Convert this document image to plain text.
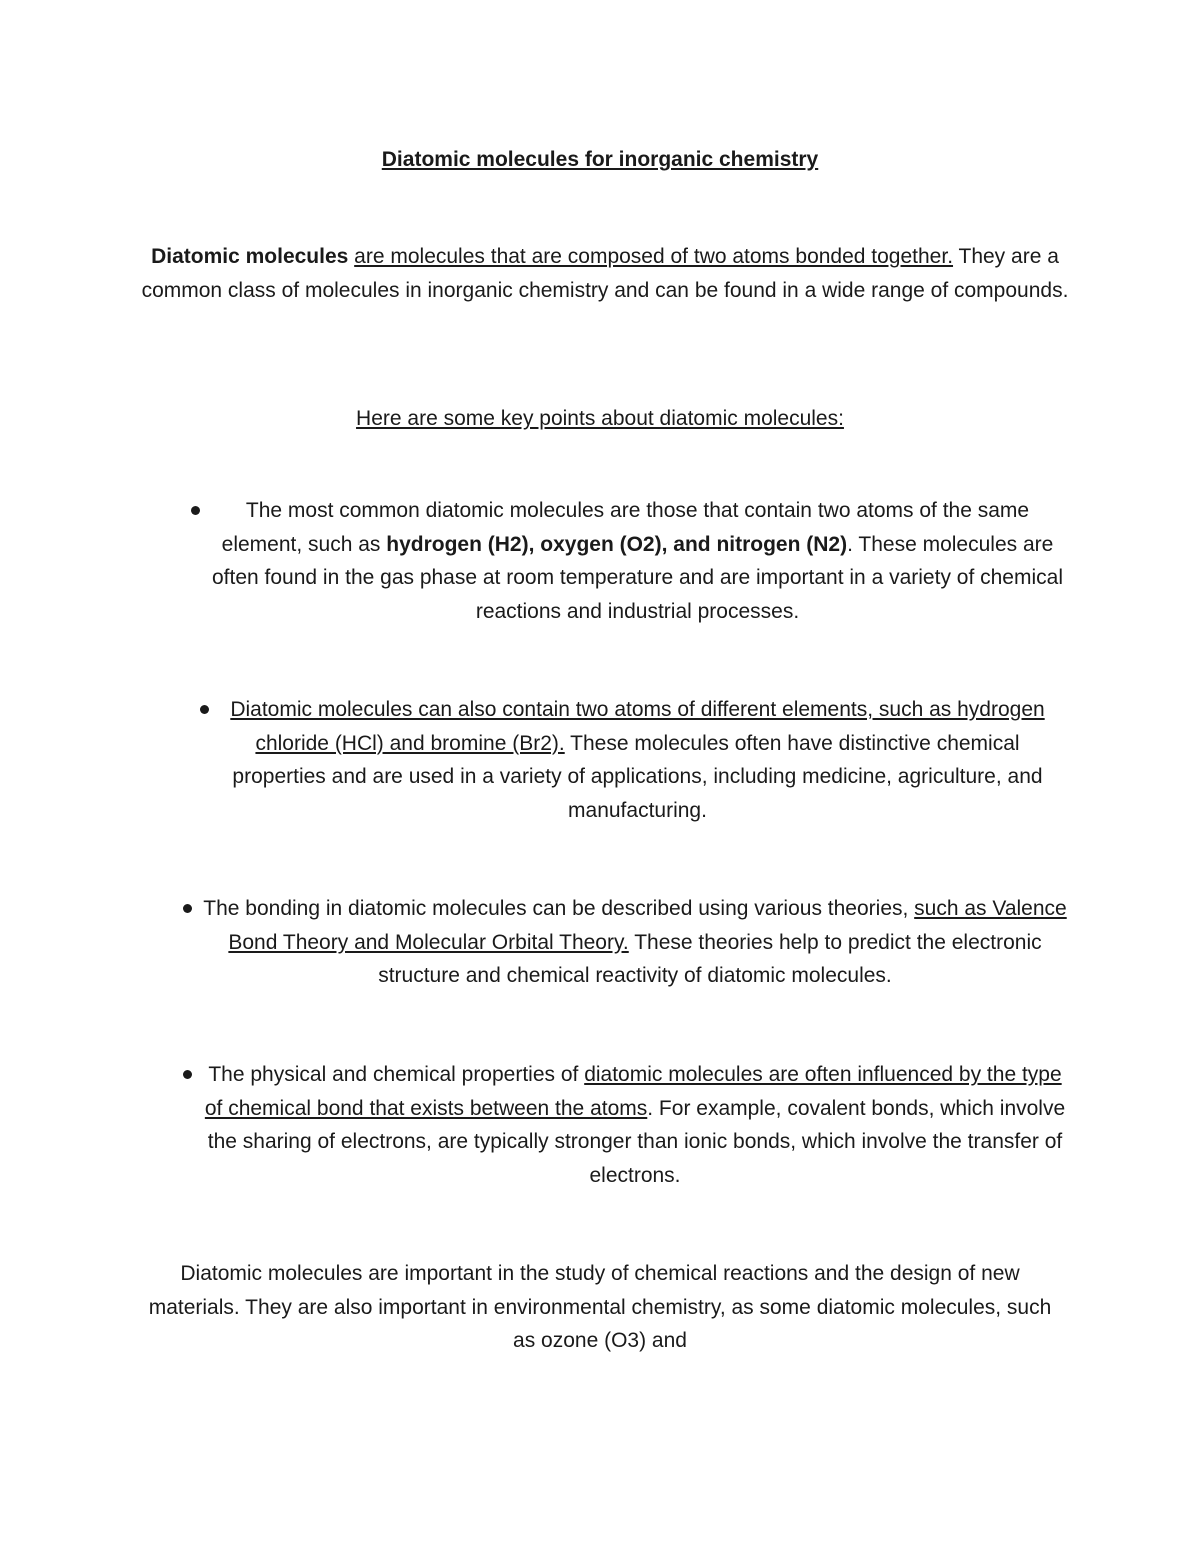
Diatomic molecules for inorganic chemistry
Diatomic molecules are molecules that are composed of two atoms bonded together. They are a common class of molecules in inorganic chemistry and can be found in a wide range of compounds.
Here are some key points about diatomic molecules:
The most common diatomic molecules are those that contain two atoms of the same element, such as hydrogen (H2), oxygen (O2), and nitrogen (N2). These molecules are often found in the gas phase at room temperature and are important in a variety of chemical reactions and industrial processes.
Diatomic molecules can also contain two atoms of different elements, such as hydrogen chloride (HCl) and bromine (Br2). These molecules often have distinctive chemical properties and are used in a variety of applications, including medicine, agriculture, and manufacturing.
The bonding in diatomic molecules can be described using various theories, such as Valence Bond Theory and Molecular Orbital Theory. These theories help to predict the electronic structure and chemical reactivity of diatomic molecules.
The physical and chemical properties of diatomic molecules are often influenced by the type of chemical bond that exists between the atoms. For example, covalent bonds, which involve the sharing of electrons, are typically stronger than ionic bonds, which involve the transfer of electrons.
Diatomic molecules are important in the study of chemical reactions and the design of new materials. They are also important in environmental chemistry, as some diatomic molecules, such as ozone (O3) and
